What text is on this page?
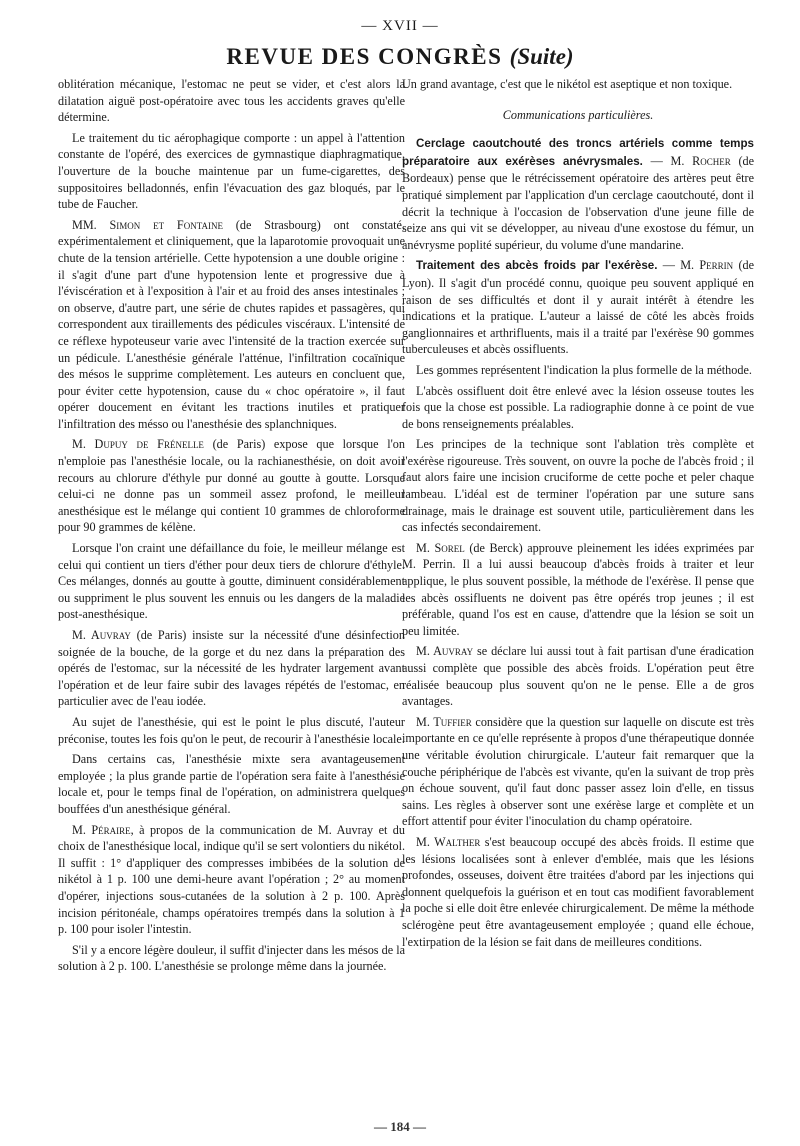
— XVII —
REVUE DES CONGRÈS (Suite)

oblitération mécanique, l'estomac ne peut se vider, et c'est alors la dilatation aiguë post-opératoire avec tous les accidents graves qu'elle détermine.

Le traitement du tic aérophagique comporte : un appel à l'attention constante de l'opéré, des exercices de gymnastique diaphragmatique, l'ouverture de la bouche maintenue par un fume-cigarettes, des suppositoires belladonnés, enfin l'évacuation des gaz bloqués, par le tube de Faucher.

MM. Simon et Fontaine (de Strasbourg) ont constaté, expérimentalement et cliniquement, que la laparotomie provoquait une chute de la tension artérielle. Cette hypotension a une double origine : il s'agit d'une part d'une hypotension lente et progressive due à l'éviscération et à l'exposition à l'air et au froid des anses intestinales ; on observe, d'autre part, une série de chutes rapides et passagères, qui correspondent aux tiraillements des pédicules viscéraux. L'intensité de ce réflexe hypoteuseur varie avec l'intensité de la traction exercée sur un pédicule. L'anesthésie générale l'atténue, l'infiltration cocaïnique des mésos le supprime complètement. Les auteurs en concluent que, pour éviter cette hypotension, cause du « choc opératoire », il faut opérer doucement en évitant les tractions inutiles et pratiquer l'infiltration des mésso ou l'anesthésie des splanchniques.

M. Dupuy de Frénelle (de Paris) expose que lorsque l'on n'emploie pas l'anesthésie locale, ou la rachianesthésie, on doit avoir recours au chlorure d'éthyle pur donné au goutte à goutte. Lorsque celui-ci ne donne pas un sommeil assez profond, le meilleur anesthésique est le mélange qui contient 10 grammes de chloroforme pour 90 grammes de kélène.

Lorsque l'on craint une défaillance du foie, le meilleur mélange est celui qui contient un tiers d'éther pour deux tiers de chlorure d'éthyle. Ces mélanges, donnés au goutte à goutte, diminuent considérablement ou suppriment le plus souvent les ennuis ou les dangers de la maladie post-anesthésique.

M. Auvray (de Paris) insiste sur la nécessité d'une désinfection soignée de la bouche, de la gorge et du nez dans la préparation des opérés de l'estomac, sur la nécessité de les hydrater largement avant l'opération et de leur faire subir des lavages répétés de l'estomac, en particulier avec de l'eau iodée.

Au sujet de l'anesthésie, qui est le point le plus discuté, l'auteur préconise, toutes les fois qu'on le peut, de recourir à l'anesthésie locale.

Dans certains cas, l'anesthésie mixte sera avantageusement employée ; la plus grande partie de l'opération sera faite à l'anesthésie locale et, pour le temps final de l'opération, on administrera quelques bouffées d'un anesthésique général.

M. Péraire, à propos de la communication de M. Auvray et du choix de l'anesthésique local, indique qu'il se sert volontiers du nikétol. Il suffit : 1° d'appliquer des compresses imbibées de la solution de nikétol à 1 p. 100 une demi-heure avant l'opération ; 2° au moment d'opérer, injections sous-cutanées de la solution à 2 p. 100. Après incision péritonéale, champs opératoires trempés dans la solution à 1 p. 100 pour isoler l'intestin.

S'il y a encore légère douleur, il suffit d'injecter dans les mésos de la solution à 2 p. 100. L'anesthésie se prolonge même dans la journée.

Un grand avantage, c'est que le nikétol est aseptique et non toxique.

Communications particulières.

Cerclage caoutchouté des troncs artériels comme temps préparatoire aux exérèses anévrysmales. — M. Rocher (de Bordeaux) pense que le rétrécissement opératoire des artères peut être pratiqué simplement par l'application d'un cerclage caoutchouté, dont il décrit la technique à l'occasion de l'observation d'une jeune fille de seize ans qui vit se développer, au niveau d'une exostose du fémur, un anévrysme poplité supérieur, du volume d'une mandarine.

Traitement des abcès froids par l'exérèse. — M. Perrin (de Lyon). Il s'agit d'un procédé connu, quoique peu souvent appliqué en raison de ses difficultés et dont il y aurait intérêt à étendre les indications et la pratique. L'auteur a laissé de côté les abcès froids ganglionnaires et arthrifluents, mais il a traité par l'exérèse 90 gommes tuberculeuses et abcès ossifluents.

Les gommes représentent l'indication la plus formelle de la méthode.

L'abcès ossifluent doit être enlevé avec la lésion osseuse toutes les fois que la chose est possible. La radiographie donne à ce point de vue de bons renseignements préalables.

Les principes de la technique sont l'ablation très complète et l'exérèse rigoureuse. Très souvent, on ouvre la poche de l'abcès froid ; il faut alors faire une incision cruciforme de cette poche et peler chaque lambeau. L'idéal est de terminer l'opération par une suture sans drainage, mais le drainage est souvent utile, particulièrement dans les cas infectés secondairement.

M. Sorel (de Berck) approuve pleinement les idées exprimées par M. Perrin. Il a lui aussi beaucoup d'abcès froids à traiter et leur applique, le plus souvent possible, la méthode de l'exérèse. Il pense que les abcès ossifluents ne doivent pas être opérés trop jeunes ; il est préférable, quand l'os est en cause, d'attendre que la lésion se soit un peu limitée.

M. Auvray se déclare lui aussi tout à fait partisan d'une éradication aussi complète que possible des abcès froids. L'opération peut être réalisée beaucoup plus souvent qu'on ne le pense. Elle a de gros avantages.

M. Tuffier considère que la question sur laquelle on discute est très importante en ce qu'elle représente à propos d'une thérapeutique donnée une véritable évolution chirurgicale. L'auteur fait remarquer que la couche périphérique de l'abcès est vivante, qu'en la suivant de trop près on échoue souvent, qu'il faut donc passer assez loin d'elle, en tissus sains. Les règles à observer sont une exérèse large et complète et un effort attentif pour éviter l'inoculation du champ opératoire.

M. Walther s'est beaucoup occupé des abcès froids. Il estime que les lésions localisées sont à enlever d'emblée, mais que les lésions profondes, osseuses, doivent être traitées d'abord par les injections qui donnent quelquefois la guérison et en tout cas modifient favorablement la poche si elle doit être enlevée chirurgicalement. De même la méthode sclérogène peut être avantageusement employée ; quand elle échoue, l'extirpation de la lésion se fait dans de meilleures conditions.

— 184 —
